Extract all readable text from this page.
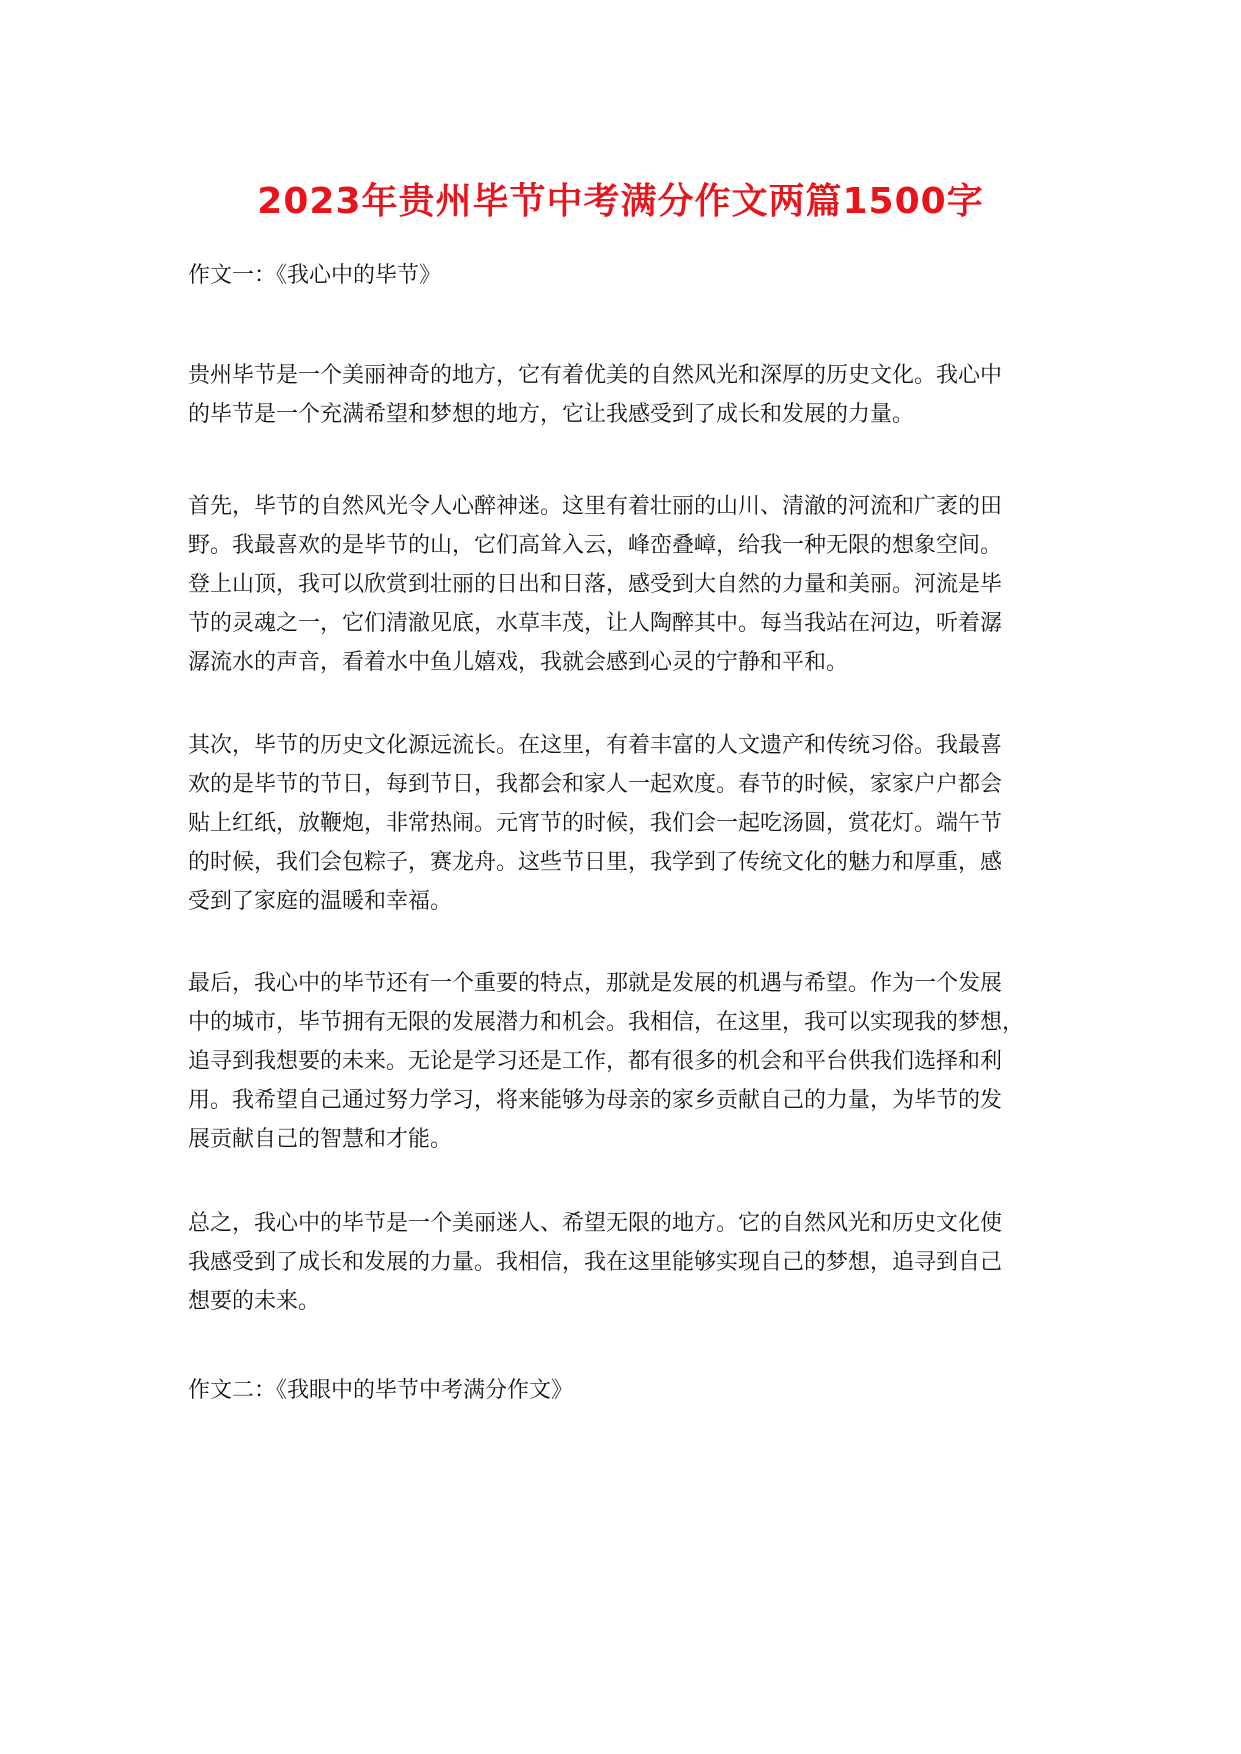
2023年贵州毕节中考满分作文两篇1500字
作文一：《我心中的毕节》
贵州毕节是一个美丽神奇的地方，它有着优美的自然风光和深厚的历史文化。我心中
的毕节是一个充满希望和梦想的地方，它让我感受到了成长和发展的力量。
首先，毕节的自然风光令人心醉神迷。这里有着壮丽的山川、清澈的河流和广袤的田
野。我最喜欢的是毕节的山，它们高耸入云，峰峦叠嶂，给我一种无限的想象空间。
登上山顶，我可以欣赏到壮丽的日出和日落，感受到大自然的力量和美丽。河流是毕
节的灵魂之一，它们清澈见底，水草丰茂，让人陶醉其中。每当我站在河边，听着潺
潺流水的声音，看着水中鱼儿嬉戏，我就会感到心灵的宁静和平和。
其次，毕节的历史文化源远流长。在这里，有着丰富的人文遗产和传统习俗。我最喜
欢的是毕节的节日，每到节日，我都会和家人一起欢度。春节的时候，家家户户都会
贴上红纸，放鞭炮，非常热闹。元宵节的时候，我们会一起吃汤圆，赏花灯。端午节
的时候，我们会包粽子，赛龙舟。这些节日里，我学到了传统文化的魅力和厚重，感
受到了家庭的温暖和幸福。
最后，我心中的毕节还有一个重要的特点，那就是发展的机遇与希望。作为一个发展
中的城市，毕节拥有无限的发展潜力和机会。我相信，在这里，我可以实现我的梦想，
追寻到我想要的未来。无论是学习还是工作，都有很多的机会和平台供我们选择和利
用。我希望自己通过努力学习，将来能够为母亲的家乡贡献自己的力量，为毕节的发
展贡献自己的智慧和才能。
总之，我心中的毕节是一个美丽迷人、希望无限的地方。它的自然风光和历史文化使
我感受到了成长和发展的力量。我相信，我在这里能够实现自己的梦想，追寻到自己
想要的未来。
作文二：《我眼中的毕节中考满分作文》
